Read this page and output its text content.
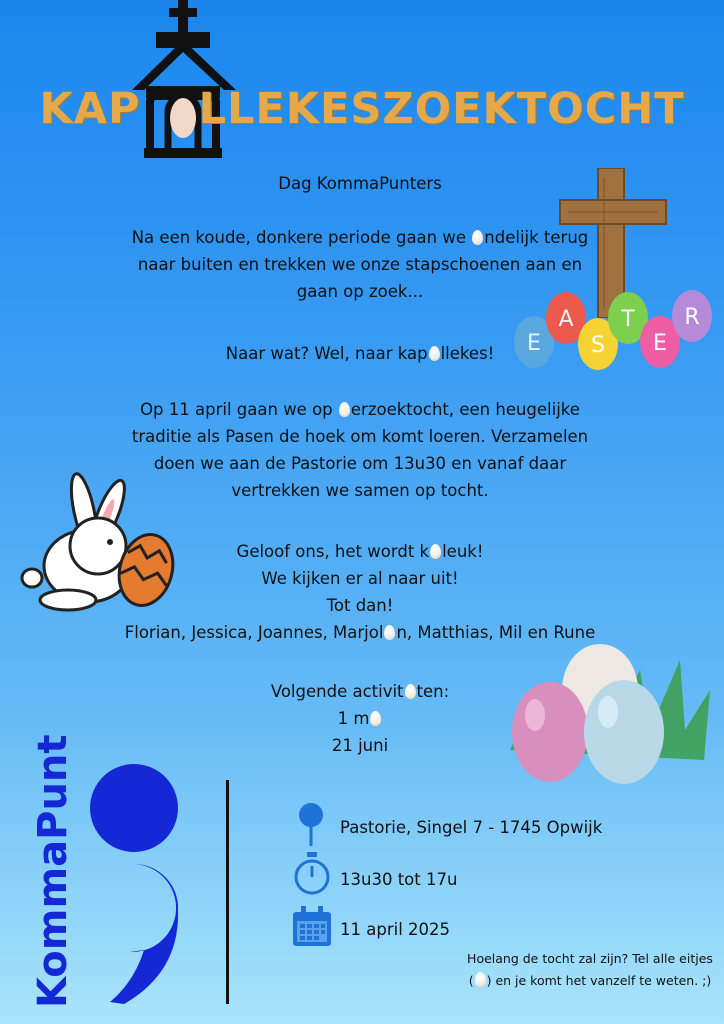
KAP LLEKESZOEKTOCHT
E
A
S
T
E
R
Dag KommaPunters
Na een koude, donkere periode gaan we ndelijk terug
naar buiten en trekken we onze stapschoenen aan en
gaan op zoek...
Naar wat? Wel, naar kap llekes!
Op 11 april gaan we op erzoektocht, een heugelijke
traditie als Pasen de hoek om komt loeren. Verzamelen
doen we aan de Pastorie om 13u30 en vanaf daar
vertrekken we samen op tocht.
Geloof ons, het wordt k leuk!
We kijken er al naar uit!
Tot dan!
Florian, Jessica, Joannes, Marjol n, Matthias, Mil en Rune
Volgende activit ten:
1 m
21 juni
KommaPunt	Pastorie, Singel 7 - 1745 Opwijk
13u30 tot 17u
11 april 2025
Hoelang de tocht zal zijn? Tel alle eitjes
( ) en je komt het vanzelf te weten. ;)
